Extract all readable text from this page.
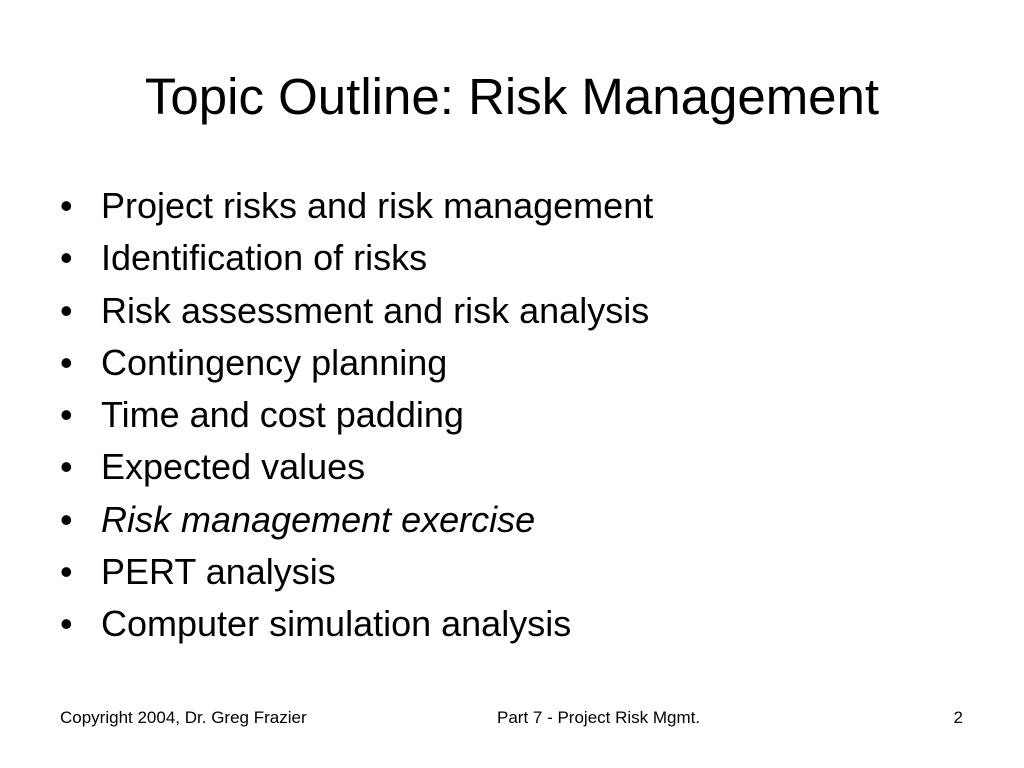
Topic Outline: Risk Management
• Project risks and risk management
• Identification of risks
• Risk assessment and risk analysis
• Contingency planning
• Time and cost padding
• Expected values
• Risk management exercise
• PERT analysis
• Computer simulation analysis
Copyright 2004, Dr. Greg Frazier	Part 7 - Project Risk Mgmt.	2
